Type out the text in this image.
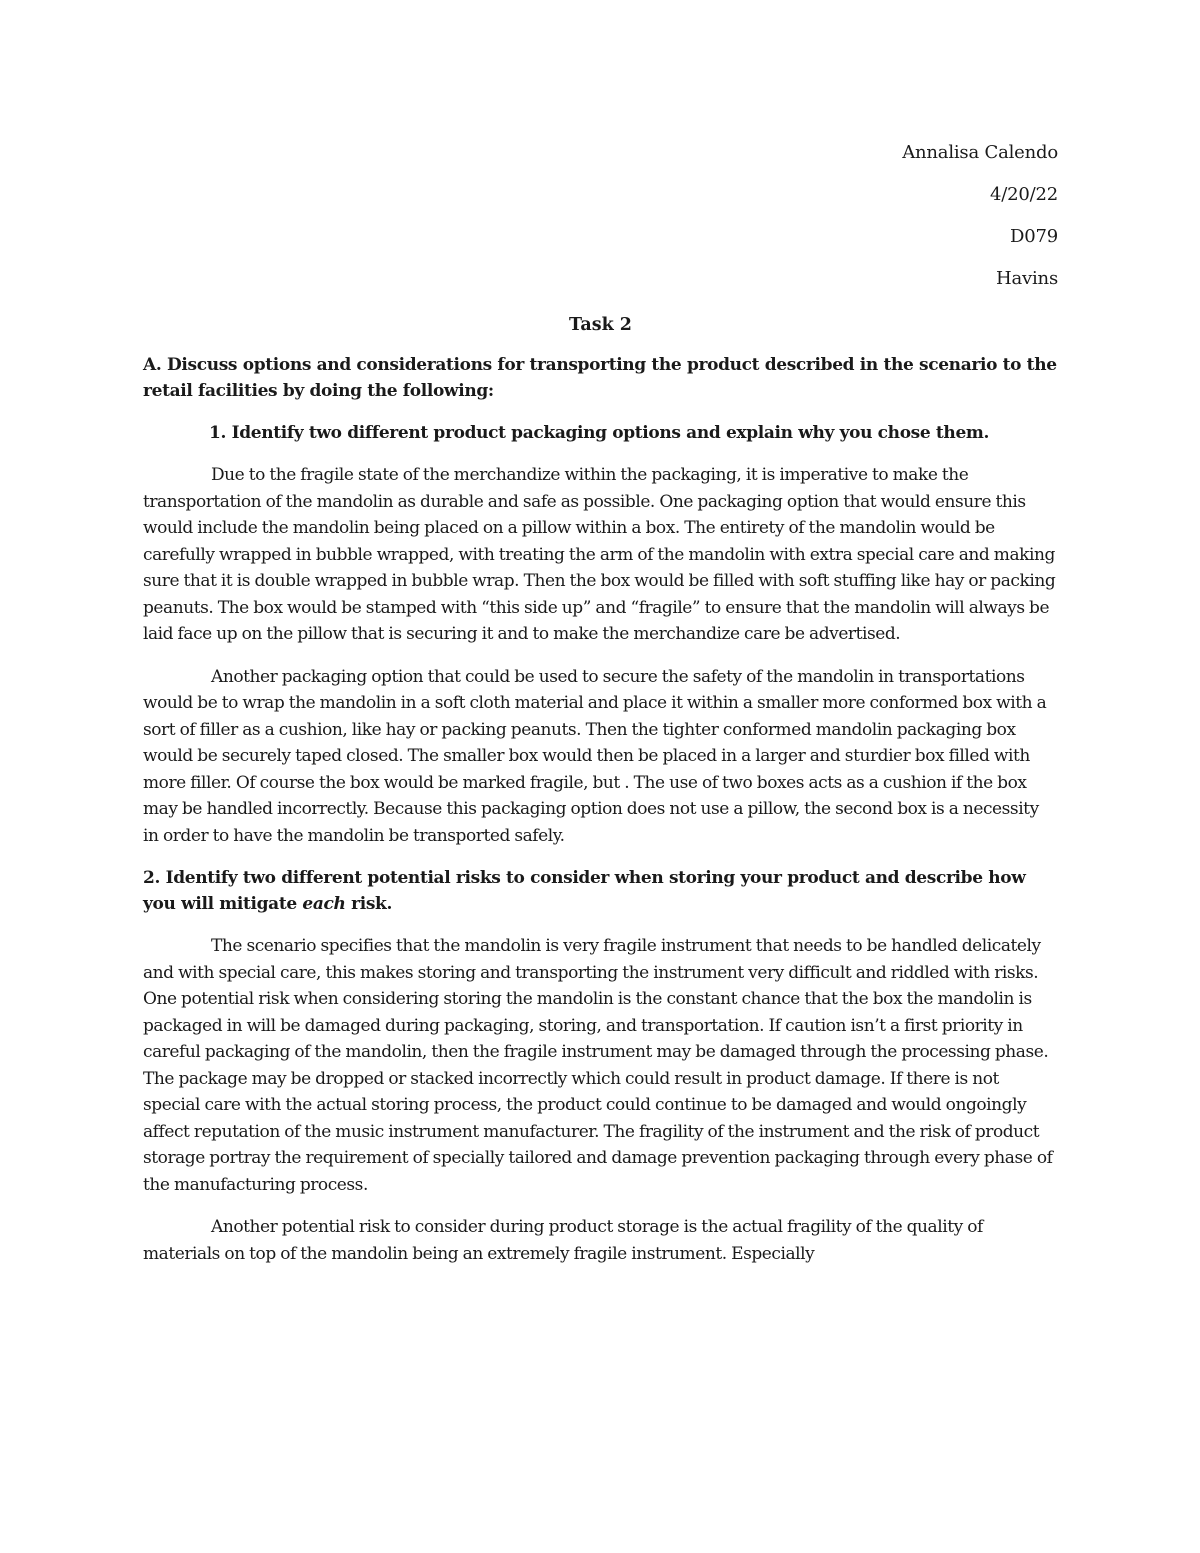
Annalisa Calendo
4/20/22
D079
Havins
Task 2
A. Discuss options and considerations for transporting the product described in the scenario to the retail facilities by doing the following:
1. Identify two different product packaging options and explain why you chose them.

Due to the fragile state of the merchandize within the packaging, it is imperative to make the transportation of the mandolin as durable and safe as possible. One packaging option that would ensure this would include the mandolin being placed on a pillow within a box. The entirety of the mandolin would be carefully wrapped in bubble wrapped, with treating the arm of the mandolin with extra special care and making sure that it is double wrapped in bubble wrap. Then the box would be filled with soft stuffing like hay or packing peanuts. The box would be stamped with “this side up” and “fragile” to ensure that the mandolin will always be laid face up on the pillow that is securing it and to make the merchandize care be advertised.

Another packaging option that could be used to secure the safety of the mandolin in transportations would be to wrap the mandolin in a soft cloth material and place it within a smaller more conformed box with a sort of filler as a cushion, like hay or packing peanuts. Then the tighter conformed mandolin packaging box would be securely taped closed. The smaller box would then be placed in a larger and sturdier box filled with more filler. Of course the box would be marked fragile, but . The use of two boxes acts as a cushion if the box may be handled incorrectly. Because this packaging option does not use a pillow, the second box is a necessity in order to have the mandolin be transported safely.

2. Identify two different potential risks to consider when storing your product and describe how you will mitigate each risk.

The scenario specifies that the mandolin is very fragile instrument that needs to be handled delicately and with special care, this makes storing and transporting the instrument very difficult and riddled with risks. One potential risk when considering storing the mandolin is the constant chance that the box the mandolin is packaged in will be damaged during packaging, storing, and transportation. If caution isn’t a first priority in careful packaging of the mandolin, then the fragile instrument may be damaged through the processing phase. The package may be dropped or stacked incorrectly which could result in product damage. If there is not special care with the actual storing process, the product could continue to be damaged and would ongoingly affect reputation of the music instrument manufacturer. The fragility of the instrument and the risk of product storage portray the requirement of specially tailored and damage prevention packaging through every phase of the manufacturing process.

Another potential risk to consider during product storage is the actual fragility of the quality of materials on top of the mandolin being an extremely fragile instrument. Especially
